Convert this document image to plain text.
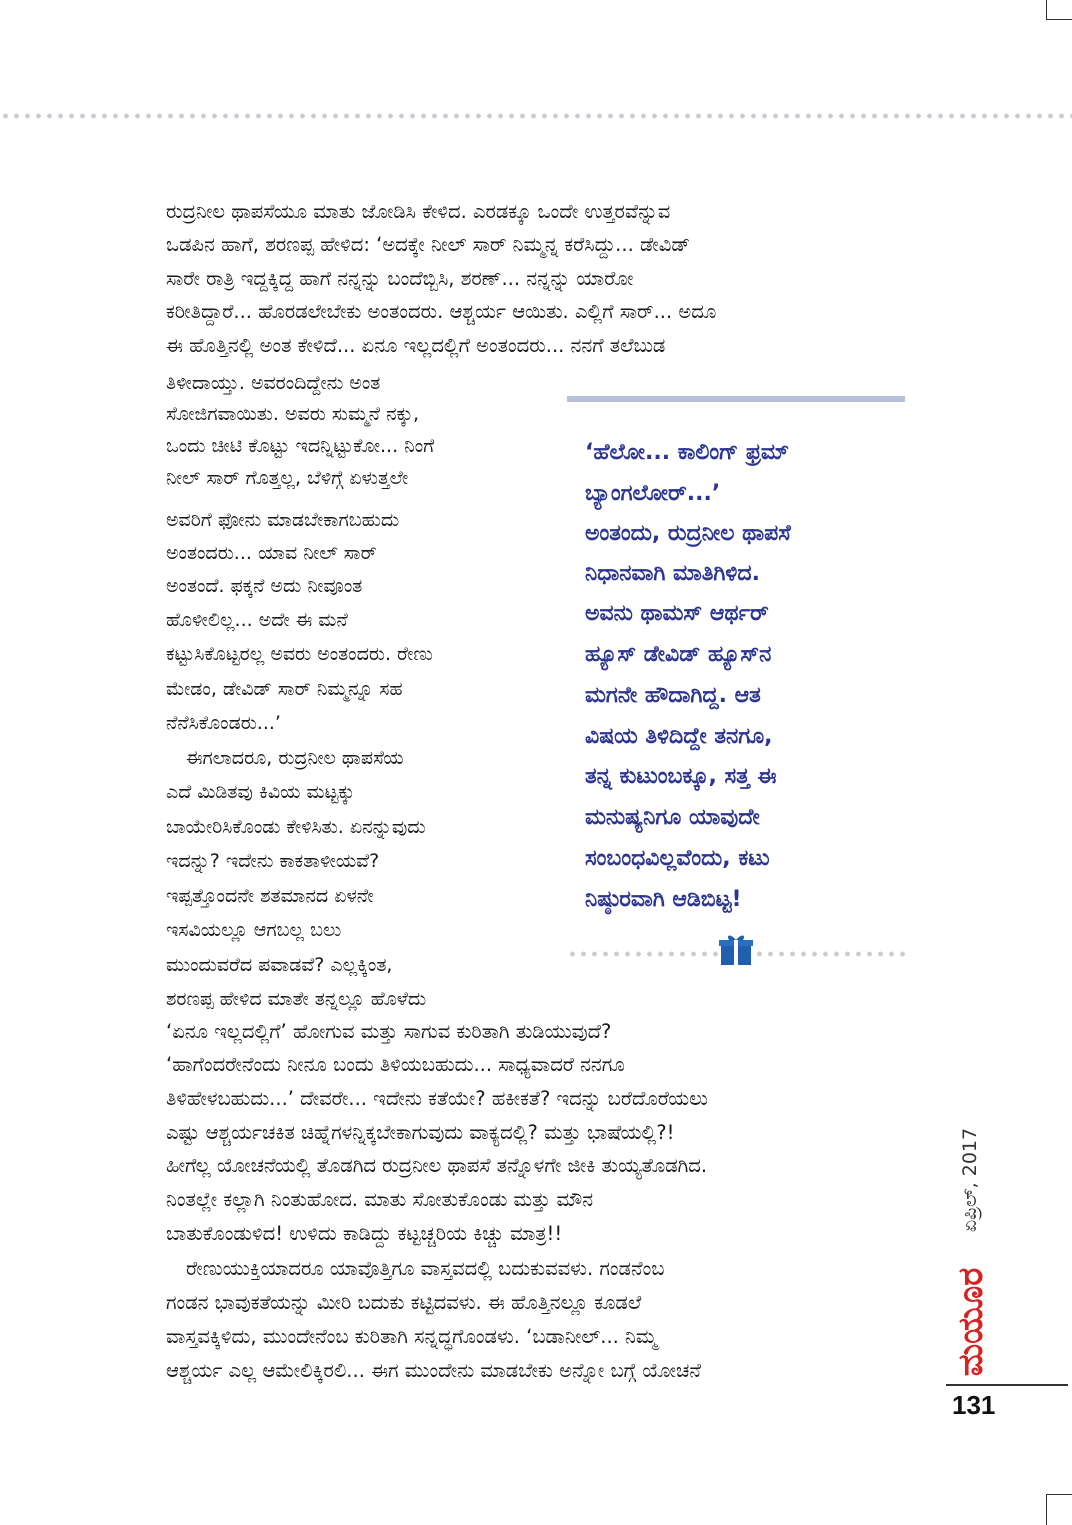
ರುದ್ರನೀಲ ಥಾಪಸೆಯೂ ಮಾತು ಜೋಡಿಸಿ ಕೇಳಿದ. ಎರಡಕ್ಕೂ ಒಂದೇ ಉತ್ತರವೆನ್ನುವ
ಒಡಪಿನ ಹಾಗೆ, ಶರಣಪ್ಪ ಹೇಳಿದ: ‘ಅದಕ್ಕೇ ನೀಲ್ ಸಾರ್ ನಿಮ್ಮನ್ನ ಕರೆಸಿದ್ದು... ಡೇವಿಡ್
ಸಾರೇ ರಾತ್ರಿ ಇದ್ದಕ್ಕಿದ್ದ ಹಾಗೆ ನನ್ನನ್ನು ಬಂದೆಬ್ಬಿಸಿ, ಶರಣ್... ನನ್ನನ್ನು ಯಾರೋ
ಕರೀತಿದ್ದಾರೆ... ಹೊರಡಲೇಬೇಕು ಅಂತಂದರು. ಆಶ್ಚರ್ಯ ಆಯಿತು. ಎಲ್ಲಿಗೆ ಸಾರ್... ಅದೂ
ಈ ಹೊತ್ತಿನಲ್ಲಿ ಅಂತ ಕೇಳಿದೆ... ಏನೂ ಇಲ್ಲದಲ್ಲಿಗೆ ಅಂತಂದರು... ನನಗೆ ತಲೆಬುಡ
ತಿಳೀದಾಯ್ತು. ಅವರಂದಿದ್ದೇನು ಅಂತ
ಸೋಜಿಗವಾಯಿತು. ಅವರು ಸುಮ್ಮನೆ ನಕ್ಕು,
ಒಂದು ಚೀಟಿ ಕೊಟ್ಟು ಇದನ್ನಿಟ್ಟುಕೋ... ನಿಂಗೆ
ನೀಲ್ ಸಾರ್ ಗೊತ್ತಲ್ಲ, ಬೆಳಿಗ್ಗೆ ಏಳುತ್ತಲೇ
ಅವರಿಗೆ ಫೋನು ಮಾಡಬೇಕಾಗಬಹುದು
ಅಂತಂದರು... ಯಾವ ನೀಲ್ ಸಾರ್
ಅಂತಂದೆ. ಫಕ್ಕನೆ ಅದು ನೀವೂಂತ
ಹೊಳೀಲಿಲ್ಲ... ಅದೇ ಈ ಮನೆ
ಕಟ್ಟುಸಿಕೊಟ್ಟರಲ್ಲ ಅವರು ಅಂತಂದರು. ರೇಣು
ಮೇಡಂ, ಡೇವಿಡ್ ಸಾರ್ ನಿಮ್ಮನ್ನೂ ಸಹ
ನೆನೆಸಿಕೊಂಡರು...’
ಈಗಲಾದರೂ, ರುದ್ರನೀಲ ಥಾಪಸೆಯ
ಎದೆ ಮಿಡಿತವು ಕಿವಿಯ ಮಟ್ಟಕ್ಕು
ಬಾಯೇರಿಸಿಕೊಂಡು ಕೇಳಿಸಿತು. ಏನನ್ನುವುದು
ಇದನ್ನು? ಇದೇನು ಕಾಕತಾಳೀಯವೆ?
ಇಪ್ಪತ್ತೊಂದನೇ ಶತಮಾನದ ಏಳನೇ
ಇಸವಿಯಲ್ಲೂ ಆಗಬಲ್ಲ ಬಲು
ಮುಂದುವರೆದ ಪವಾಡವೆ? ಎಲ್ಲಕ್ಕಿಂತ,
ಶರಣಪ್ಪ ಹೇಳಿದ ಮಾತೇ ತನ್ನಲ್ಲೂ ಹೊಳೆದು
‘ಹೆಲೋ... ಕಾಲಿಂಗ್ ಫ್ರಮ್
ಬ್ಯಾಂಗಲೋರ್...’
ಅಂತಂದು, ರುದ್ರನೀಲ ಥಾಪಸೆ
ನಿಧಾನವಾಗಿ ಮಾತಿಗಿಳಿದ.
ಅವನು ಥಾಮಸ್ ಆರ್ಥರ್
ಹ್ಯೂಸ್ ಡೇವಿಡ್ ಹ್ಯೂಸ್‌ನ
ಮಗನೇ ಹೌದಾಗಿದ್ದ. ಆತ
ವಿಷಯ ತಿಳಿದಿದ್ದೇ ತನಗೂ,
ತನ್ನ ಕುಟುಂಬಕ್ಕೂ, ಸತ್ತ ಈ
ಮನುಷ್ಯನಿಗೂ ಯಾವುದೇ
ಸಂಬಂಧವಿಲ್ಲವೆಂದು, ಕಟು
ನಿಷ್ಠುರವಾಗಿ ಆಡಿಬಿಟ್ಟ!
‘ಏನೂ ಇಲ್ಲದಲ್ಲಿಗೆ’ ಹೋಗುವ ಮತ್ತು ಸಾಗುವ ಕುರಿತಾಗಿ ತುಡಿಯುವುದೆ?
‘ಹಾಗೆಂದರೇನೆಂದು ನೀನೂ ಬಂದು ತಿಳಿಯಬಹುದು... ಸಾಧ್ಯವಾದರೆ ನನಗೂ
ತಿಳಿಹೇಳಬಹುದು...’ ದೇವರೇ... ಇದೇನು ಕತೆಯೇ? ಹಕೀಕತೆ? ಇದನ್ನು ಬರೆದೊರೆಯಲು
ಎಷ್ಟು ಆಶ್ಚರ್ಯಚಕಿತ ಚಿಹ್ನೆಗಳನ್ನಿಕ್ಕಬೇಕಾಗುವುದು ವಾಕ್ಯದಲ್ಲಿ? ಮತ್ತು ಭಾಷೆಯಲ್ಲಿ?!
ಹೀಗೆಲ್ಲ ಯೋಚನೆಯಲ್ಲಿ ತೊಡಗಿದ ರುದ್ರನೀಲ ಥಾಪಸೆ ತನ್ನೊಳಗೇ ಜೀಕಿ ತುಯ್ಯತೊಡಗಿದ.
ನಿಂತಲ್ಲೇ ಕಲ್ಲಾಗಿ ನಿಂತುಹೋದ. ಮಾತು ಸೋತುಕೊಂಡು ಮತ್ತು ಮೌನ
ಬಾತುಕೊಂಡುಳಿದ! ಉಳಿದು ಕಾಡಿದ್ದು ಕಟ್ಟಚ್ಚರಿಯ ಕಿಚ್ಚು ಮಾತ್ರ!!
ರೇಣುಯುಕ್ತಿಯಾದರೂ ಯಾವೊತ್ತಿಗೂ ವಾಸ್ತವದಲ್ಲಿ ಬದುಕುವವಳು. ಗಂಡನೆಂಬ
ಗಂಡನ ಭಾವುಕತೆಯನ್ನು ಮೀರಿ ಬದುಕು ಕಟ್ಟಿದವಳು. ಈ ಹೊತ್ತಿನಲ್ಲೂ ಕೂಡಲೆ
ವಾಸ್ತವಕ್ಕಿಳಿದು, ಮುಂದೇನೆಂಬ ಕುರಿತಾಗಿ ಸನ್ನದ್ಧಗೊಂಡಳು. ‘ಬಡಾನೀಲ್... ನಿಮ್ಮ
ಆಶ್ಚರ್ಯ ಎಲ್ಲ ಆಮೇಲಿಕ್ಕಿರಲಿ... ಈಗ ಮುಂದೇನು ಮಾಡಬೇಕು ಅನ್ನೋ ಬಗ್ಗೆ ಯೋಚನೆ
ಏಪ್ರಿಲ್, 2017
ಮಯೂರ
131
